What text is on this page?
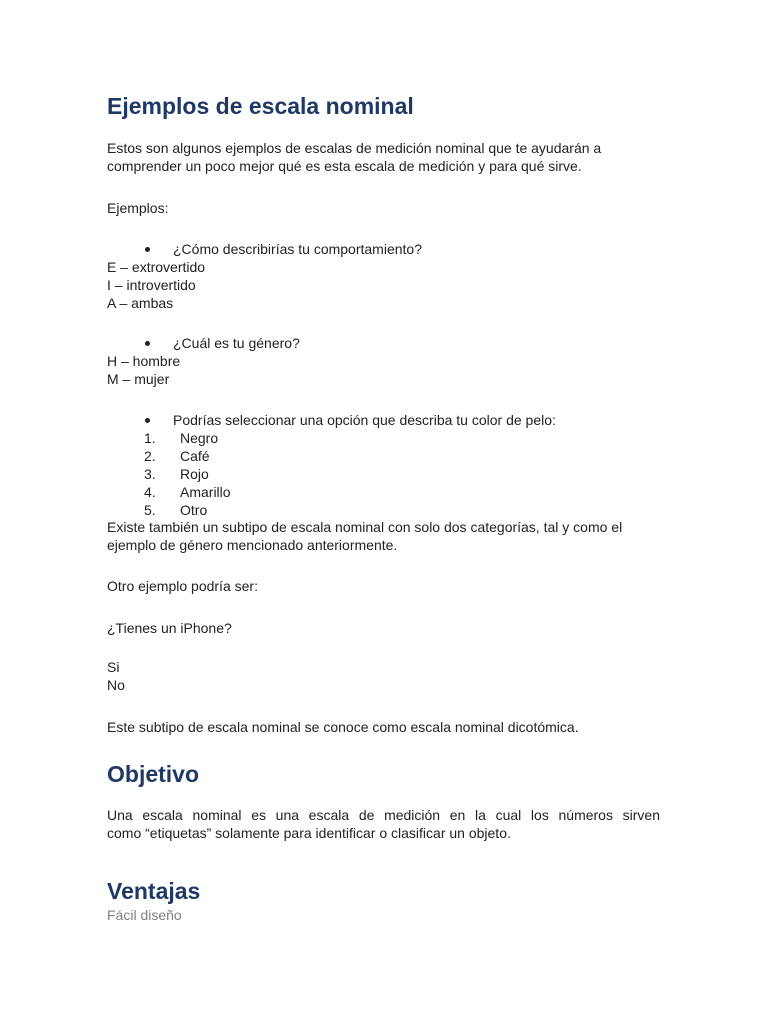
Ejemplos de escala nominal
Estos son algunos ejemplos de escalas de medición nominal que te ayudarán a
comprender un poco mejor qué es esta escala de medición y para qué sirve.

Ejemplos:

¿Cómo describirías tu comportamiento?
E – extrovertido
I – introvertido
A – ambas
¿Cuál es tu género?
H – hombre
M – mujer
Podrías seleccionar una opción que describa tu color de pelo:
1. Negro
2. Café
3. Rojo
4. Amarillo
5. Otro
Existe también un subtipo de escala nominal con solo dos categorías, tal y como el
ejemplo de género mencionado anteriormente.

Otro ejemplo podría ser:

¿Tienes un iPhone?

Si
No

Este subtipo de escala nominal se conoce como escala nominal dicotómica.

Objetivo
Una escala nominal es una escala de medición en la cual los números sirven
como “etiquetas” solamente para identificar o clasificar un objeto.
Ventajas

Fácil diseño
